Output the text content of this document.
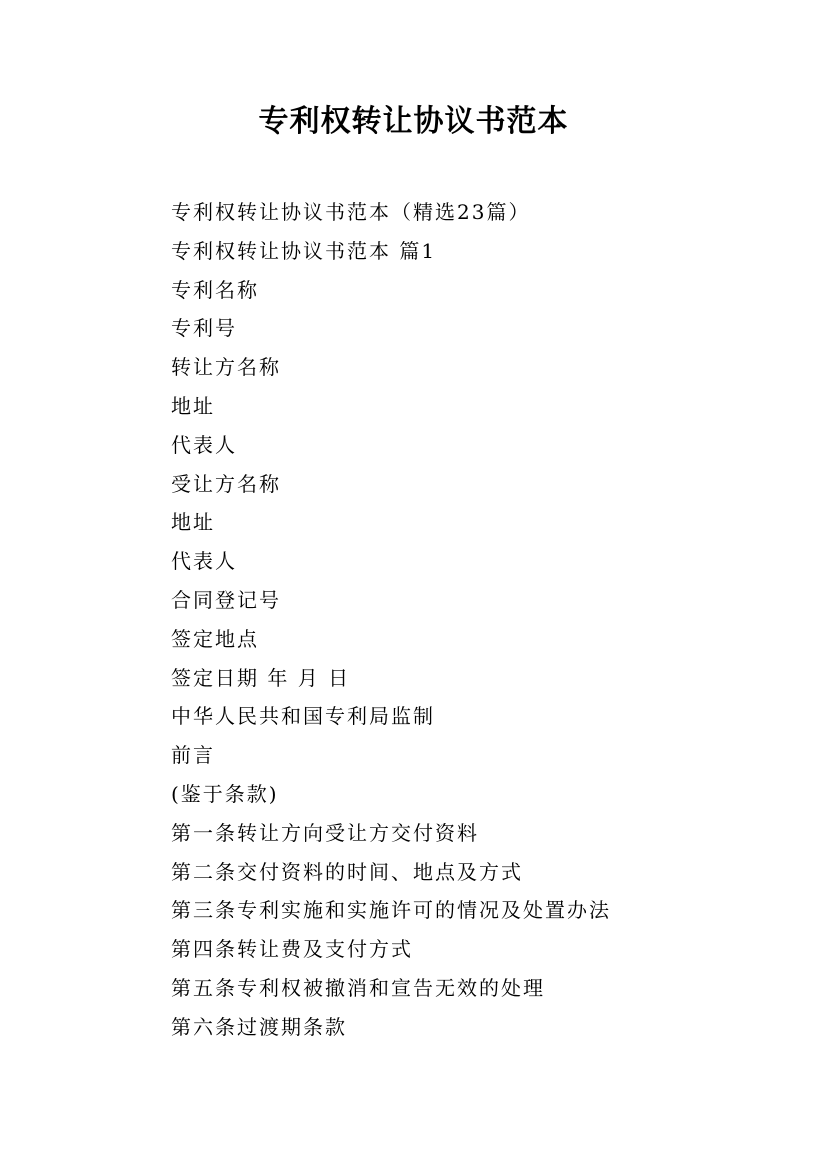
专利权转让协议书范本
专利权转让协议书范本（精选23篇）
专利权转让协议书范本 篇1
专利名称
专利号
转让方名称
地址
代表人
受让方名称
地址
代表人
合同登记号
签定地点
签定日期 年 月 日
中华人民共和国专利局监制
前言
(鉴于条款)
第一条转让方向受让方交付资料
第二条交付资料的时间、地点及方式
第三条专利实施和实施许可的情况及处置办法
第四条转让费及支付方式
第五条专利权被撤消和宣告无效的处理
第六条过渡期条款
